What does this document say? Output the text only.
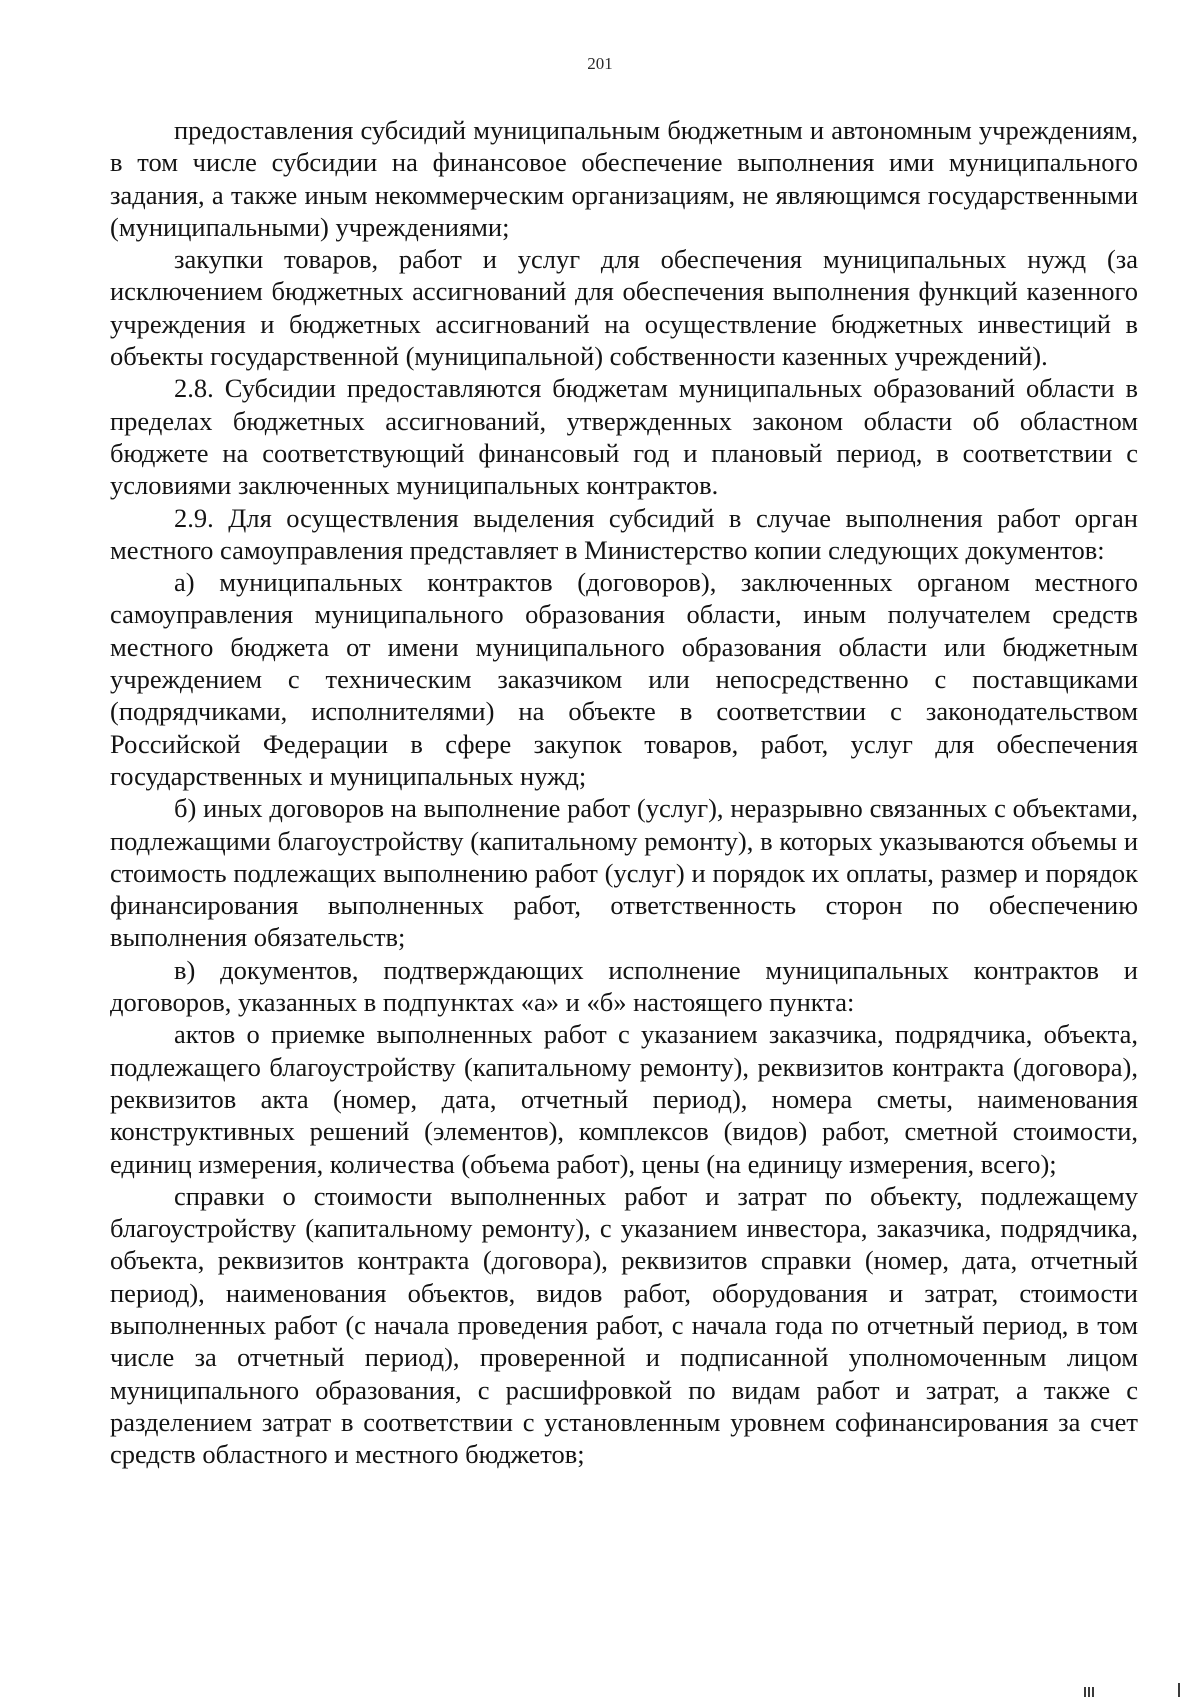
201

предоставления субсидий муниципальным бюджетным и автономным учреждениям, в том числе субсидии на финансовое обеспечение выполнения ими муниципального задания, а также иным некоммерческим организациям, не являющимся государственными (муниципальными) учреждениями;

закупки товаров, работ и услуг для обеспечения муниципальных нужд (за исключением бюджетных ассигнований для обеспечения выполнения функций казенного учреждения и бюджетных ассигнований на осуществление бюджетных инвестиций в объекты государственной (муниципальной) собственности казенных учреждений).

2.8. Субсидии предоставляются бюджетам муниципальных образований области в пределах бюджетных ассигнований, утвержденных законом области об областном бюджете на соответствующий финансовый год и плановый период, в соответствии с условиями заключенных муниципальных контрактов.

2.9. Для осуществления выделения субсидий в случае выполнения работ орган местного самоуправления представляет в Министерство копии следующих документов:

а) муниципальных контрактов (договоров), заключенных органом местного самоуправления муниципального образования области, иным получателем средств местного бюджета от имени муниципального образования области или бюджетным учреждением с техническим заказчиком или непосредственно с поставщиками (подрядчиками, исполнителями) на объекте в соответствии с законодательством Российской Федерации в сфере закупок товаров, работ, услуг для обеспечения государственных и муниципальных нужд;

б) иных договоров на выполнение работ (услуг), неразрывно связанных с объектами, подлежащими благоустройству (капитальному ремонту), в которых указываются объемы и стоимость подлежащих выполнению работ (услуг) и порядок их оплаты, размер и порядок финансирования выполненных работ, ответственность сторон по обеспечению выполнения обязательств;

в) документов, подтверждающих исполнение муниципальных контрактов и договоров, указанных в подпунктах «а» и «б» настоящего пункта:

актов о приемке выполненных работ с указанием заказчика, подрядчика, объекта, подлежащего благоустройству (капитальному ремонту), реквизитов контракта (договора), реквизитов акта (номер, дата, отчетный период), номера сметы, наименования конструктивных решений (элементов), комплексов (видов) работ, сметной стоимости, единиц измерения, количества (объема работ), цены (на единицу измерения, всего);

справки о стоимости выполненных работ и затрат по объекту, подлежащему благоустройству (капитальному ремонту), с указанием инвестора, заказчика, подрядчика, объекта, реквизитов контракта (договора), реквизитов справки (номер, дата, отчетный период), наименования объектов, видов работ, оборудования и затрат, стоимости выполненных работ (с начала проведения работ, с начала года по отчетный период, в том числе за отчетный период), проверенной и подписанной уполномоченным лицом муниципального образования, с расшифровкой по видам работ и затрат, а также с разделением затрат в соответствии с установленным уровнем софинансирования за счет средств областного и местного бюджетов;
